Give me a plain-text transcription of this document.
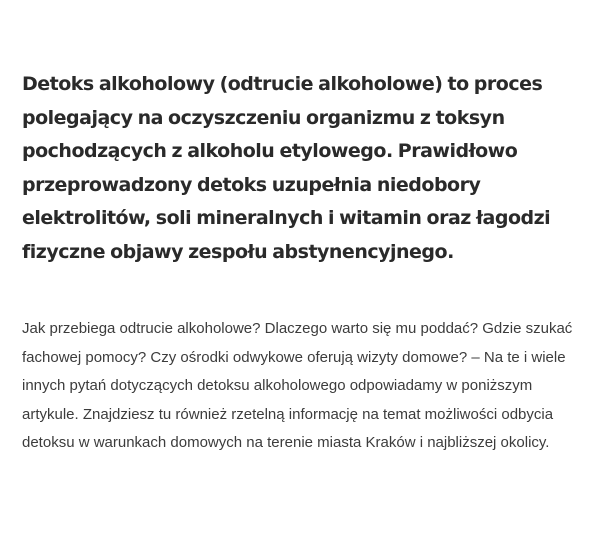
Detoks alkoholowy (odtrucie alkoholowe) to proces polegający na oczyszczeniu organizmu z toksyn pochodzących z alkoholu etylowego. Prawidłowo przeprowadzony detoks uzupełnia niedobory elektrolitów, soli mineralnych i witamin oraz łagodzi fizyczne objawy zespołu abstynencyjnego.

Jak przebiega odtrucie alkoholowe? Dlaczego warto się mu poddać? Gdzie szukać fachowej pomocy? Czy ośrodki odwykowe oferują wizyty domowe? – Na te i wiele innych pytań dotyczących detoksu alkoholowego odpowiadamy w poniższym artykule. Znajdziesz tu również rzetelną informację na temat możliwości odbycia detoksu w warunkach domowych na terenie miasta Kraków i najbliższej okolicy.
